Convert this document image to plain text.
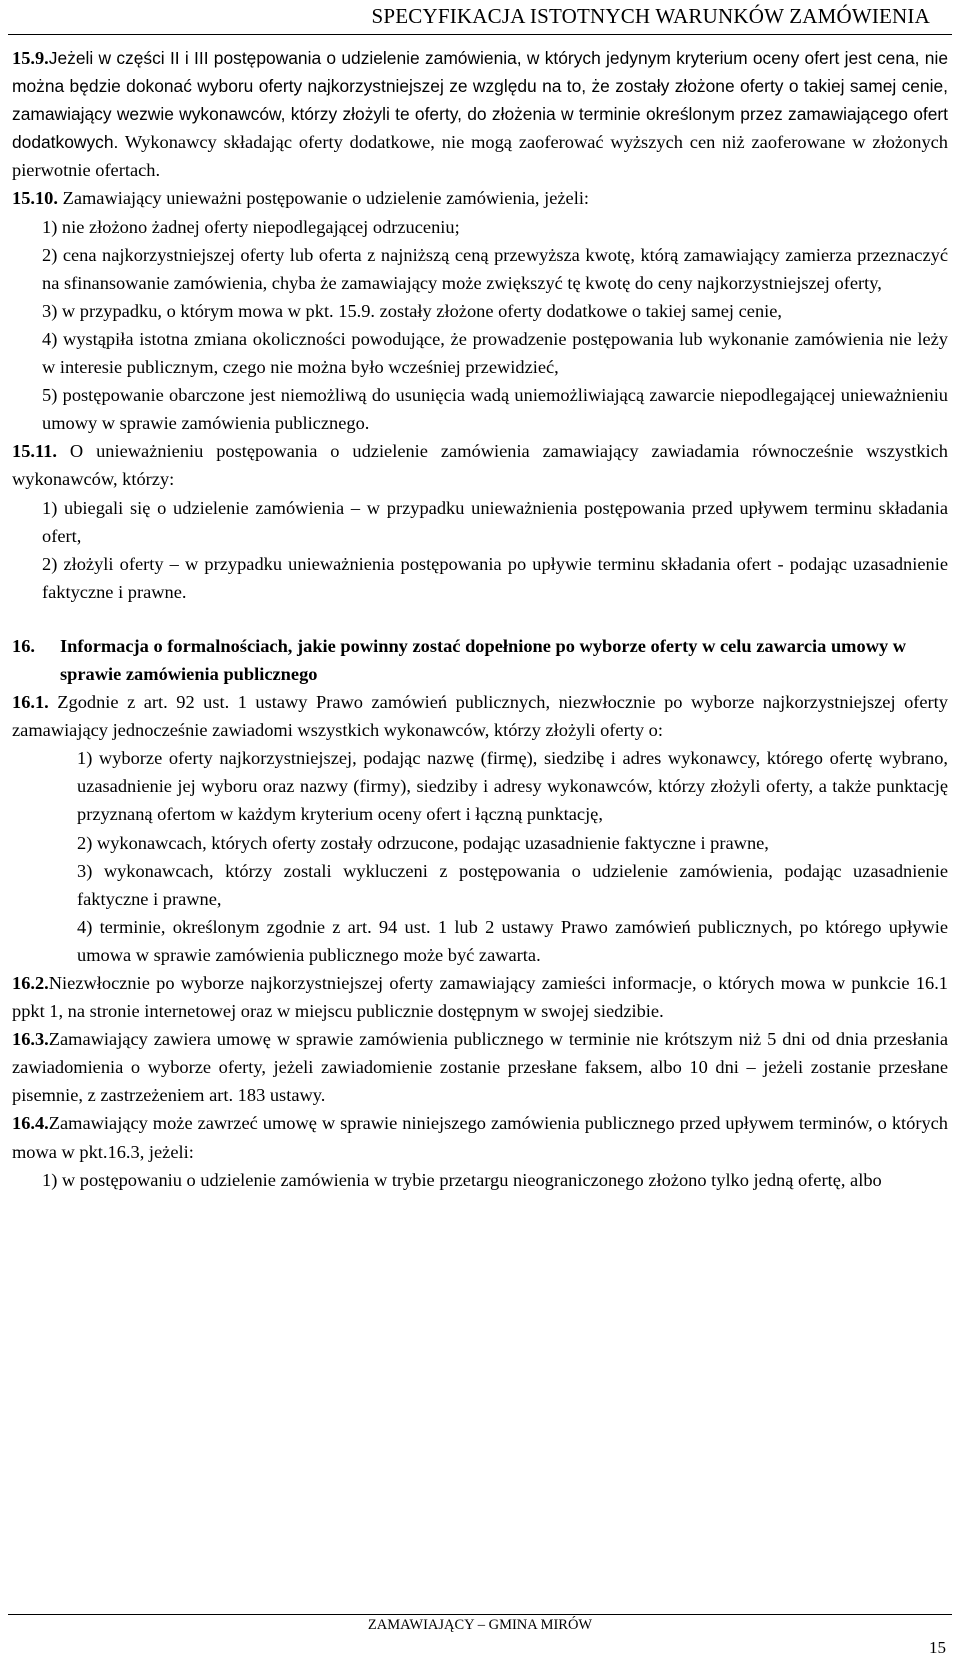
SPECYFIKACJA ISTOTNYCH WARUNKÓW ZAMÓWIENIA

15.9.Jeżeli w części II i III postępowania o udzielenie zamówienia, w których jedynym kryterium oceny ofert jest cena, nie można będzie dokonać wyboru oferty najkorzystniejszej ze względu na to, że zostały złożone oferty o takiej samej cenie, zamawiający wezwie wykonawców, którzy złożyli te oferty, do złożenia w terminie określonym przez zamawiającego ofert dodatkowych. Wykonawcy składając oferty dodatkowe, nie mogą zaoferować wyższych cen niż zaoferowane w złożonych pierwotnie ofertach.

15.10. Zamawiający unieważni postępowanie o udzielenie zamówienia, jeżeli:

1) nie złożono żadnej oferty niepodlegającej odrzuceniu;

2) cena najkorzystniejszej oferty lub oferta z najniższą ceną przewyższa kwotę, którą zamawiający zamierza przeznaczyć na sfinansowanie zamówienia, chyba że zamawiający może zwiększyć tę kwotę do ceny najkorzystniejszej oferty,

3) w przypadku, o którym mowa w pkt. 15.9. zostały złożone oferty dodatkowe o takiej samej cenie,

4) wystąpiła istotna zmiana okoliczności powodujące, że prowadzenie postępowania lub wykonanie zamówienia nie leży w interesie publicznym, czego nie można było wcześniej przewidzieć,

5) postępowanie obarczone jest niemożliwą do usunięcia wadą uniemożliwiającą zawarcie niepodlegającej unieważnieniu umowy w sprawie zamówienia publicznego.

15.11. O unieważnieniu postępowania o udzielenie zamówienia zamawiający zawiadamia równocześnie wszystkich wykonawców, którzy:

1) ubiegali się o udzielenie zamówienia – w przypadku unieważnienia postępowania przed upływem terminu składania ofert,

2) złożyli oferty – w przypadku unieważnienia postępowania po upływie terminu składania ofert - podając uzasadnienie faktyczne i prawne.

16.	Informacja o formalnościach, jakie powinny zostać dopełnione po wyborze oferty w celu zawarcia umowy w sprawie zamówienia publicznego

16.1. Zgodnie z art. 92 ust. 1 ustawy Prawo zamówień publicznych, niezwłocznie po wyborze najkorzystniejszej oferty zamawiający jednocześnie zawiadomi wszystkich wykonawców, którzy złożyli oferty o:

1) wyborze oferty najkorzystniejszej, podając nazwę (firmę), siedzibę i adres wykonawcy, którego ofertę wybrano, uzasadnienie jej wyboru oraz nazwy (firmy), siedziby i adresy wykonawców, którzy złożyli oferty, a także punktację przyznaną ofertom w każdym kryterium oceny ofert i łączną punktację,

2) wykonawcach, których oferty zostały odrzucone, podając uzasadnienie faktyczne i prawne,

3) wykonawcach, którzy zostali wykluczeni z postępowania o udzielenie zamówienia, podając uzasadnienie faktyczne i prawne,

4) terminie, określonym zgodnie z art. 94 ust. 1 lub 2 ustawy Prawo zamówień publicznych, po którego upływie umowa w sprawie zamówienia publicznego może być zawarta.

16.2.Niezwłocznie po wyborze najkorzystniejszej oferty zamawiający zamieści informacje, o których mowa w punkcie 16.1 ppkt 1, na stronie internetowej oraz w miejscu publicznie dostępnym w swojej siedzibie.

16.3.Zamawiający zawiera umowę w sprawie zamówienia publicznego w terminie nie krótszym niż 5 dni od dnia przesłania zawiadomienia o wyborze oferty, jeżeli zawiadomienie zostanie przesłane faksem, albo 10 dni – jeżeli zostanie przesłane pisemnie, z zastrzeżeniem art. 183 ustawy.

16.4.Zamawiający może zawrzeć umowę w sprawie niniejszego zamówienia publicznego przed upływem terminów, o których mowa w pkt.16.3, jeżeli:

1) w postępowaniu o udzielenie zamówienia w trybie przetargu nieograniczonego złożono tylko jedną ofertę, albo

ZAMAWIAJĄCY – GMINA MIRÓW
15
